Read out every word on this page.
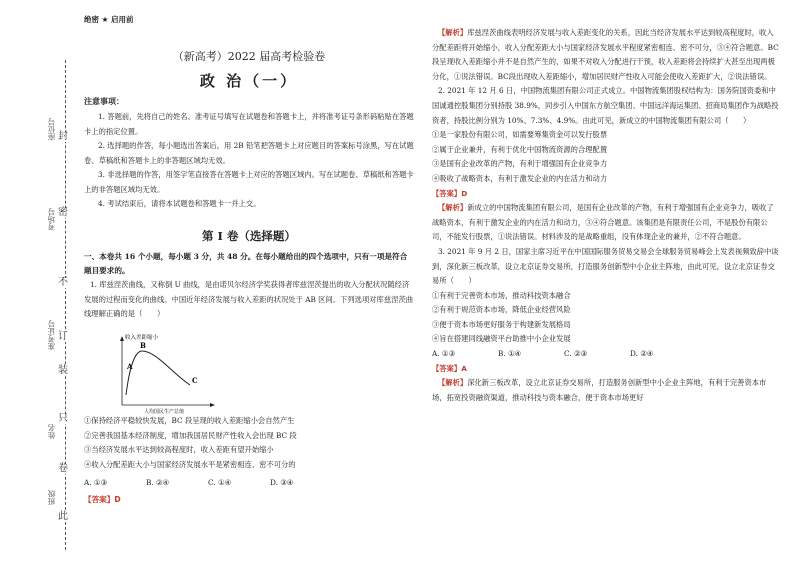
绝密 ★ 启用前
封
密
不
订
装
只
卷
此
座位号
考场号
准考证号
姓名
班级
（新高考）2022 届高考检验卷
政 治（一）
注意事项：

1. 答题前，先将自己的姓名、准考证号填写在试题卷和答题卡上，并将准考证号条形码粘贴在答题卡上的指定位置。

2. 选择题的作答，每小题选出答案后，用 2B 铅笔把答题卡上对应题目的答案标号涂黑，写在试题卷、草稿纸和答题卡上的非答题区域均无效。

3. 非选择题的作答，用签字笔直接答在答题卡上对应的答题区域内。写在试题卷、草稿纸和答题卡上的非答题区域均无效。

4. 考试结束后，请将本试题卷和答题卡一并上交。

第 I 卷（选择题）
一、本卷共 16 个小题，每小题 3 分，共 48 分。在每小题给出的四个选项中，只有一项是符合题目要求的。

1. 库兹涅茨曲线，又称倒 U 曲线，是由诺贝尔经济学奖获得者库兹涅茨提出的收入分配状况随经济发展的过程而变化的曲线。中国近年经济发展与收入差距的状况处于 AB 区间。下列选项对库兹涅茨曲线理解正确的是（　　）

收入差距缩小
人均国民生产总值
A
B
C

①保持经济平稳较快发展，BC 段呈现的收入差距缩小会自然产生

②完善我国基本经济制度，增加我国居民财产性收入会出现 BC 段

③当经济发展水平达到较高程度时，收入差距有望开始缩小

④收入分配差距大小与国家经济发展水平是紧密相连、密不可分的

A. ①③	B. ②④	C. ①④	D. ③④
【答案】D

【解析】库兹涅茨曲线表明经济发展与收入差距变化的关系，因此当经济发展水平达到较高程度时，收入分配差距将开始缩小，收入分配差距大小与国家经济发展水平程度紧密相连、密不可分，③④符合题意。BC段呈现收入差距缩小并不是自然产生的，如果不对收入分配进行干预，收入差距将会持续扩大甚至出现两极分化，①说法错误。BC段出现收入差距缩小，增加居民财产性收入可能会使收入差距扩大，②说法错误。

2. 2021 年 12 月 6 日，中国物流集团有限公司正式成立。中国物流集团股权结构为：国务院国资委和中国诚通控股集团分别持股 38.9%，同步引入中国东方航空集团、中国远洋海运集团、招商局集团作为战略投资者，持股比例分别为 10%、7.3%、4.9%。由此可见，新成立的中国物流集团有限公司（　　）

①是一家股份有限公司，如需要筹集资金可以发行股票

②属于企业兼并，有利于优化中国物流资源的合理配置

③是国有企业改革的产物，有利于增强国有企业竞争力

④吸收了战略资本，有利于激发企业的内在活力和动力

【答案】D

【解析】新成立的中国物流集团有限公司，是国有企业改革的产物，有利于增强国有企业竞争力，吸收了战略资本，有利于激发企业的内在活力和动力，③④符合题意。该集团是有限责任公司，不是股份有限公司，不能发行股票，①说法错误。材料涉及的是战略重组，没有体现企业的兼并，②不符合题意。

3. 2021 年 9 月 2 日，国家主席习近平在中国国际服务贸易交易会全球服务贸易峰会上发表视频致辞中谈到，深化新三板改革，设立北京证券交易所，打造服务创新型中小企业主阵地，由此可见，设立北京证券交易所（　　）

①有利于完善资本市场，推动科技资本融合

②有利于规范资本市场，降低企业经营风险

③便于资本市场更好服务于构建新发展格局

④旨在搭建同线融资平台助推中小企业发展

A. ①③	B. ①④	C. ②③	D. ②④

【答案】A

【解析】深化新三板改革，设立北京证券交易所，打造服务创新型中小企业主阵地，有利于完善资本市场，拓宽投资融资渠道，推动科技与资本融合，便于资本市场更好
